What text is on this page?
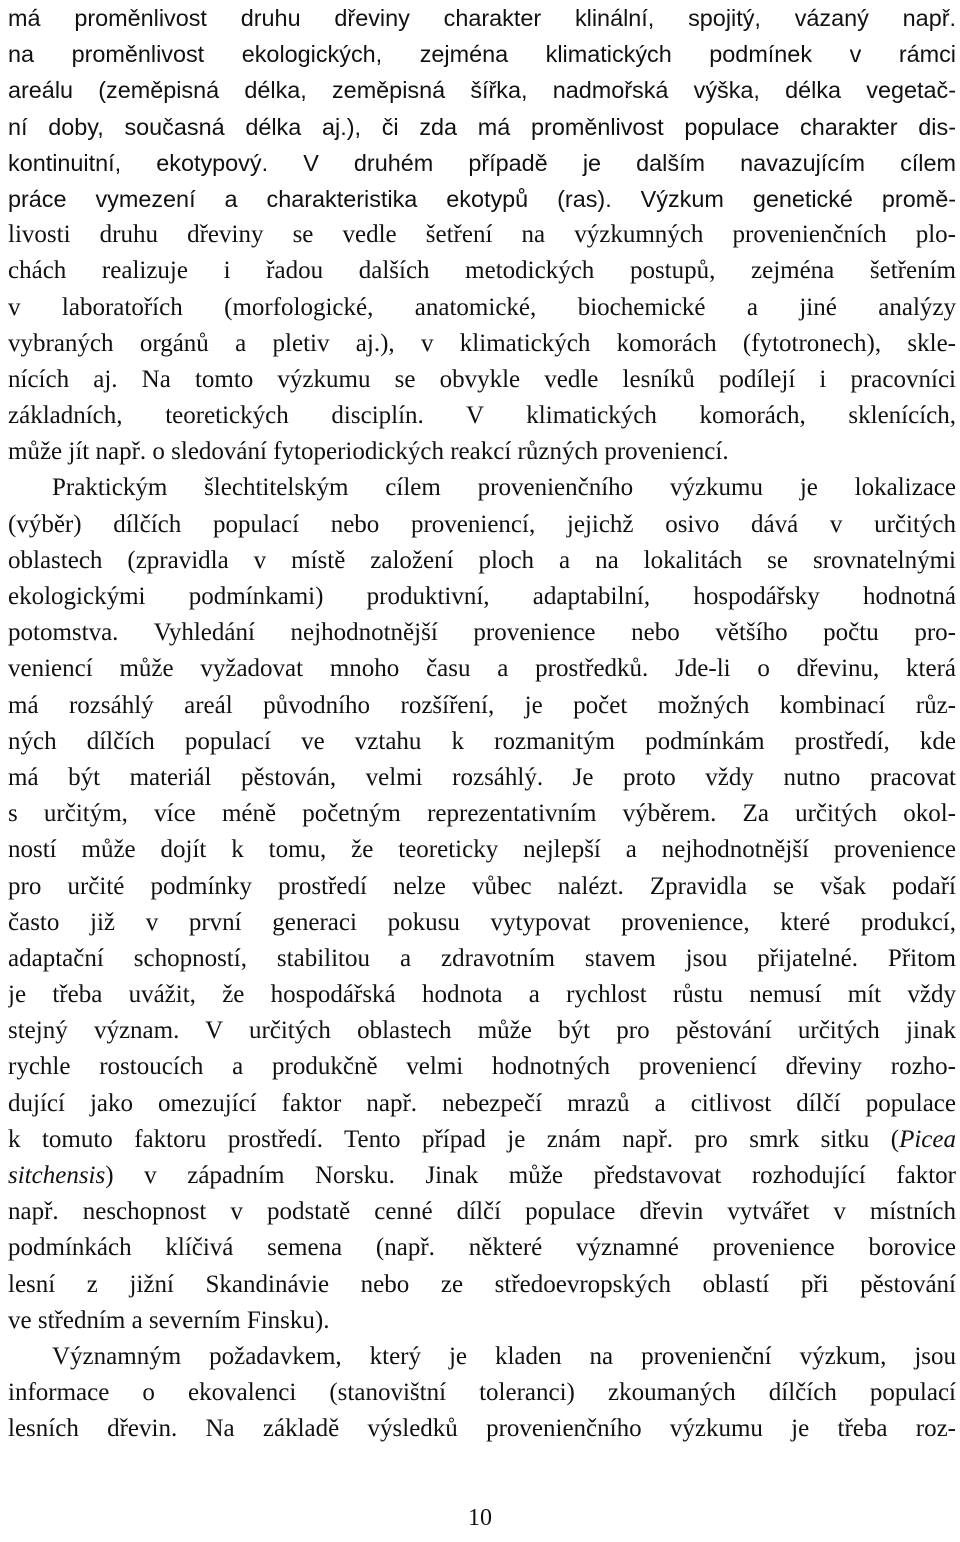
má proměnlivost druhu dřeviny charakter klinální, spojitý, vázaný např.
na proměnlivost ekologických, zejména klimatických podmínek v rámci
areálu (zeměpisná délka, zeměpisná šířka, nadmořská výška, délka vegetač-
ní doby, současná délka aj.), či zda má proměnlivost populace charakter dis-
kontinuitní, ekotypový. V druhém případě je dalším navazujícím cílem
práce vymezení a charakteristika ekotypů (ras). Výzkum genetické promě-
livosti druhu dřeviny se vedle šetření na výzkumných provenienčních plo-
chách realizuje i řadou dalších metodických postupů, zejména šetřením
v laboratořích (morfologické, anatomické, biochemické a jiné analýzy
vybraných orgánů a pletiv aj.), v klimatických komorách (fytotronech), skle-
nících aj. Na tomto výzkumu se obvykle vedle lesníků podílejí i pracovníci
základních, teoretických disciplín. V klimatických komorách, sklenících,
může jít např. o sledování fytoperiodických reakcí různých proveniencí.
Praktickým šlechtitelským cílem provenienčního výzkumu je lokalizace
(výběr) dílčích populací nebo proveniencí, jejichž osivo dává v určitých
oblastech (zpravidla v místě založení ploch a na lokalitách se srovnatelnými
ekologickými podmínkami) produktivní, adaptabilní, hospodářsky hodnotná
potomstva. Vyhledání nejhodnotnější provenience nebo většího počtu pro-
veniencí může vyžadovat mnoho času a prostředků. Jde-li o dřevinu, která
má rozsáhlý areál původního rozšíření, je počet možných kombinací růz-
ných dílčích populací ve vztahu k rozmanitým podmínkám prostředí, kde
má být materiál pěstován, velmi rozsáhlý. Je proto vždy nutno pracovat
s určitým, více méně početným reprezentativním výběrem. Za určitých okol-
ností může dojít k tomu, že teoreticky nejlepší a nejhodnotnější provenience
pro určité podmínky prostředí nelze vůbec nalézt. Zpravidla se však podaří
často již v první generaci pokusu vytypovat provenience, které produkcí,
adaptační schopností, stabilitou a zdravotním stavem jsou přijatelné. Přitom
je třeba uvážit, že hospodářská hodnota a rychlost růstu nemusí mít vždy
stejný význam. V určitých oblastech může být pro pěstování určitých jinak
rychle rostoucích a produkčně velmi hodnotných proveniencí dřeviny rozho-
dující jako omezující faktor např. nebezpečí mrazů a citlivost dílčí populace
k tomuto faktoru prostředí. Tento případ je znám např. pro smrk sitku (Picea
sitchensis) v západním Norsku. Jinak může představovat rozhodující faktor
např. neschopnost v podstatě cenné dílčí populace dřevin vytvářet v místních
podmínkách klíčivá semena (např. některé významné provenience borovice
lesní z jižní Skandinávie nebo ze středoevropských oblastí při pěstování
ve středním a severním Finsku).
Významným požadavkem, který je kladen na provenienční výzkum, jsou
informace o ekovalenci (stanovištní toleranci) zkoumaných dílčích populací
lesních dřevin. Na základě výsledků provenienčního výzkumu je třeba roz-
10
